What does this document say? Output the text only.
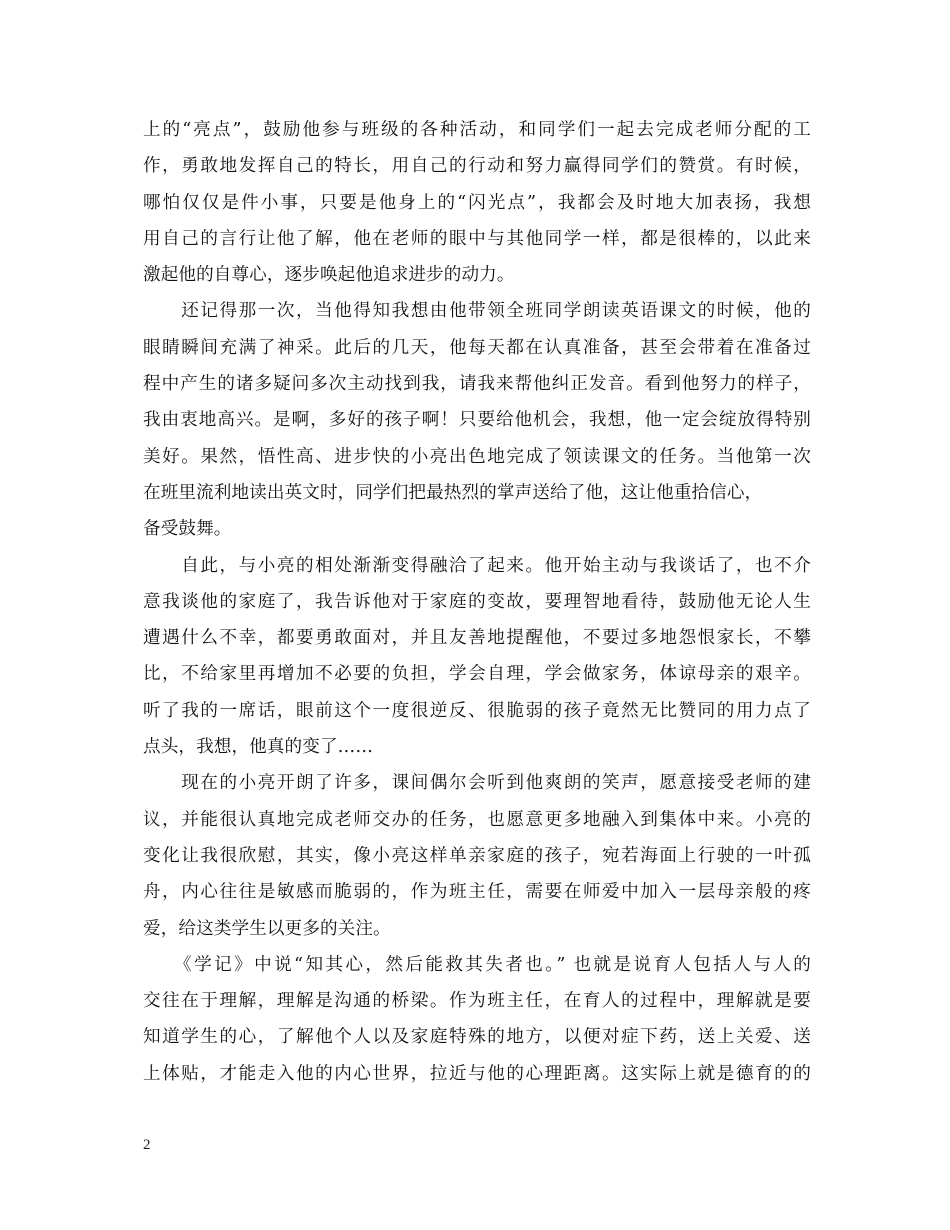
上的“亮点”，鼓励他参与班级的各种活动，和同学们一起去完成老师分配的工
作，勇敢地发挥自己的特长，用自己的行动和努力赢得同学们的赞赏。有时候，
哪怕仅仅是件小事，只要是他身上的“闪光点”，我都会及时地大加表扬，我想
用自己的言行让他了解，他在老师的眼中与其他同学一样，都是很棒的，以此来
激起他的自尊心，逐步唤起他追求进步的动力。
　　还记得那一次，当他得知我想由他带领全班同学朗读英语课文的时候，他的
眼睛瞬间充满了神采。此后的几天，他每天都在认真准备，甚至会带着在准备过
程中产生的诸多疑问多次主动找到我，请我来帮他纠正发音。看到他努力的样子，
我由衷地高兴。是啊，多好的孩子啊！只要给他机会，我想，他一定会绽放得特别
美好。果然，悟性高、进步快的小亮出色地完成了领读课文的任务。当他第一次
在班里流利地读出英文时，同学们把最热烈的掌声送给了他，这让他重拾信心，
备受鼓舞。
　　自此，与小亮的相处渐渐变得融洽了起来。他开始主动与我谈话了，也不介
意我谈他的家庭了，我告诉他对于家庭的变故，要理智地看待，鼓励他无论人生
遭遇什么不幸，都要勇敢面对，并且友善地提醒他，不要过多地怨恨家长，不攀
比，不给家里再增加不必要的负担，学会自理，学会做家务，体谅母亲的艰辛。
听了我的一席话，眼前这个一度很逆反、很脆弱的孩子竟然无比赞同的用力点了
点头，我想，他真的变了……
　　现在的小亮开朗了许多，课间偶尔会听到他爽朗的笑声，愿意接受老师的建
议，并能很认真地完成老师交办的任务，也愿意更多地融入到集体中来。小亮的
变化让我很欣慰，其实，像小亮这样单亲家庭的孩子，宛若海面上行驶的一叶孤
舟，内心往往是敏感而脆弱的，作为班主任，需要在师爱中加入一层母亲般的疼
爱，给这类学生以更多的关注。
　　《学记》中说“知其心，然后能救其失者也。” 也就是说育人包括人与人的
交往在于理解，理解是沟通的桥梁。作为班主任，在育人的过程中，理解就是要
知道学生的心，了解他个人以及家庭特殊的地方，以便对症下药，送上关爱、送
上体贴，才能走入他的内心世界，拉近与他的心理距离。这实际上就是德育的的
2
